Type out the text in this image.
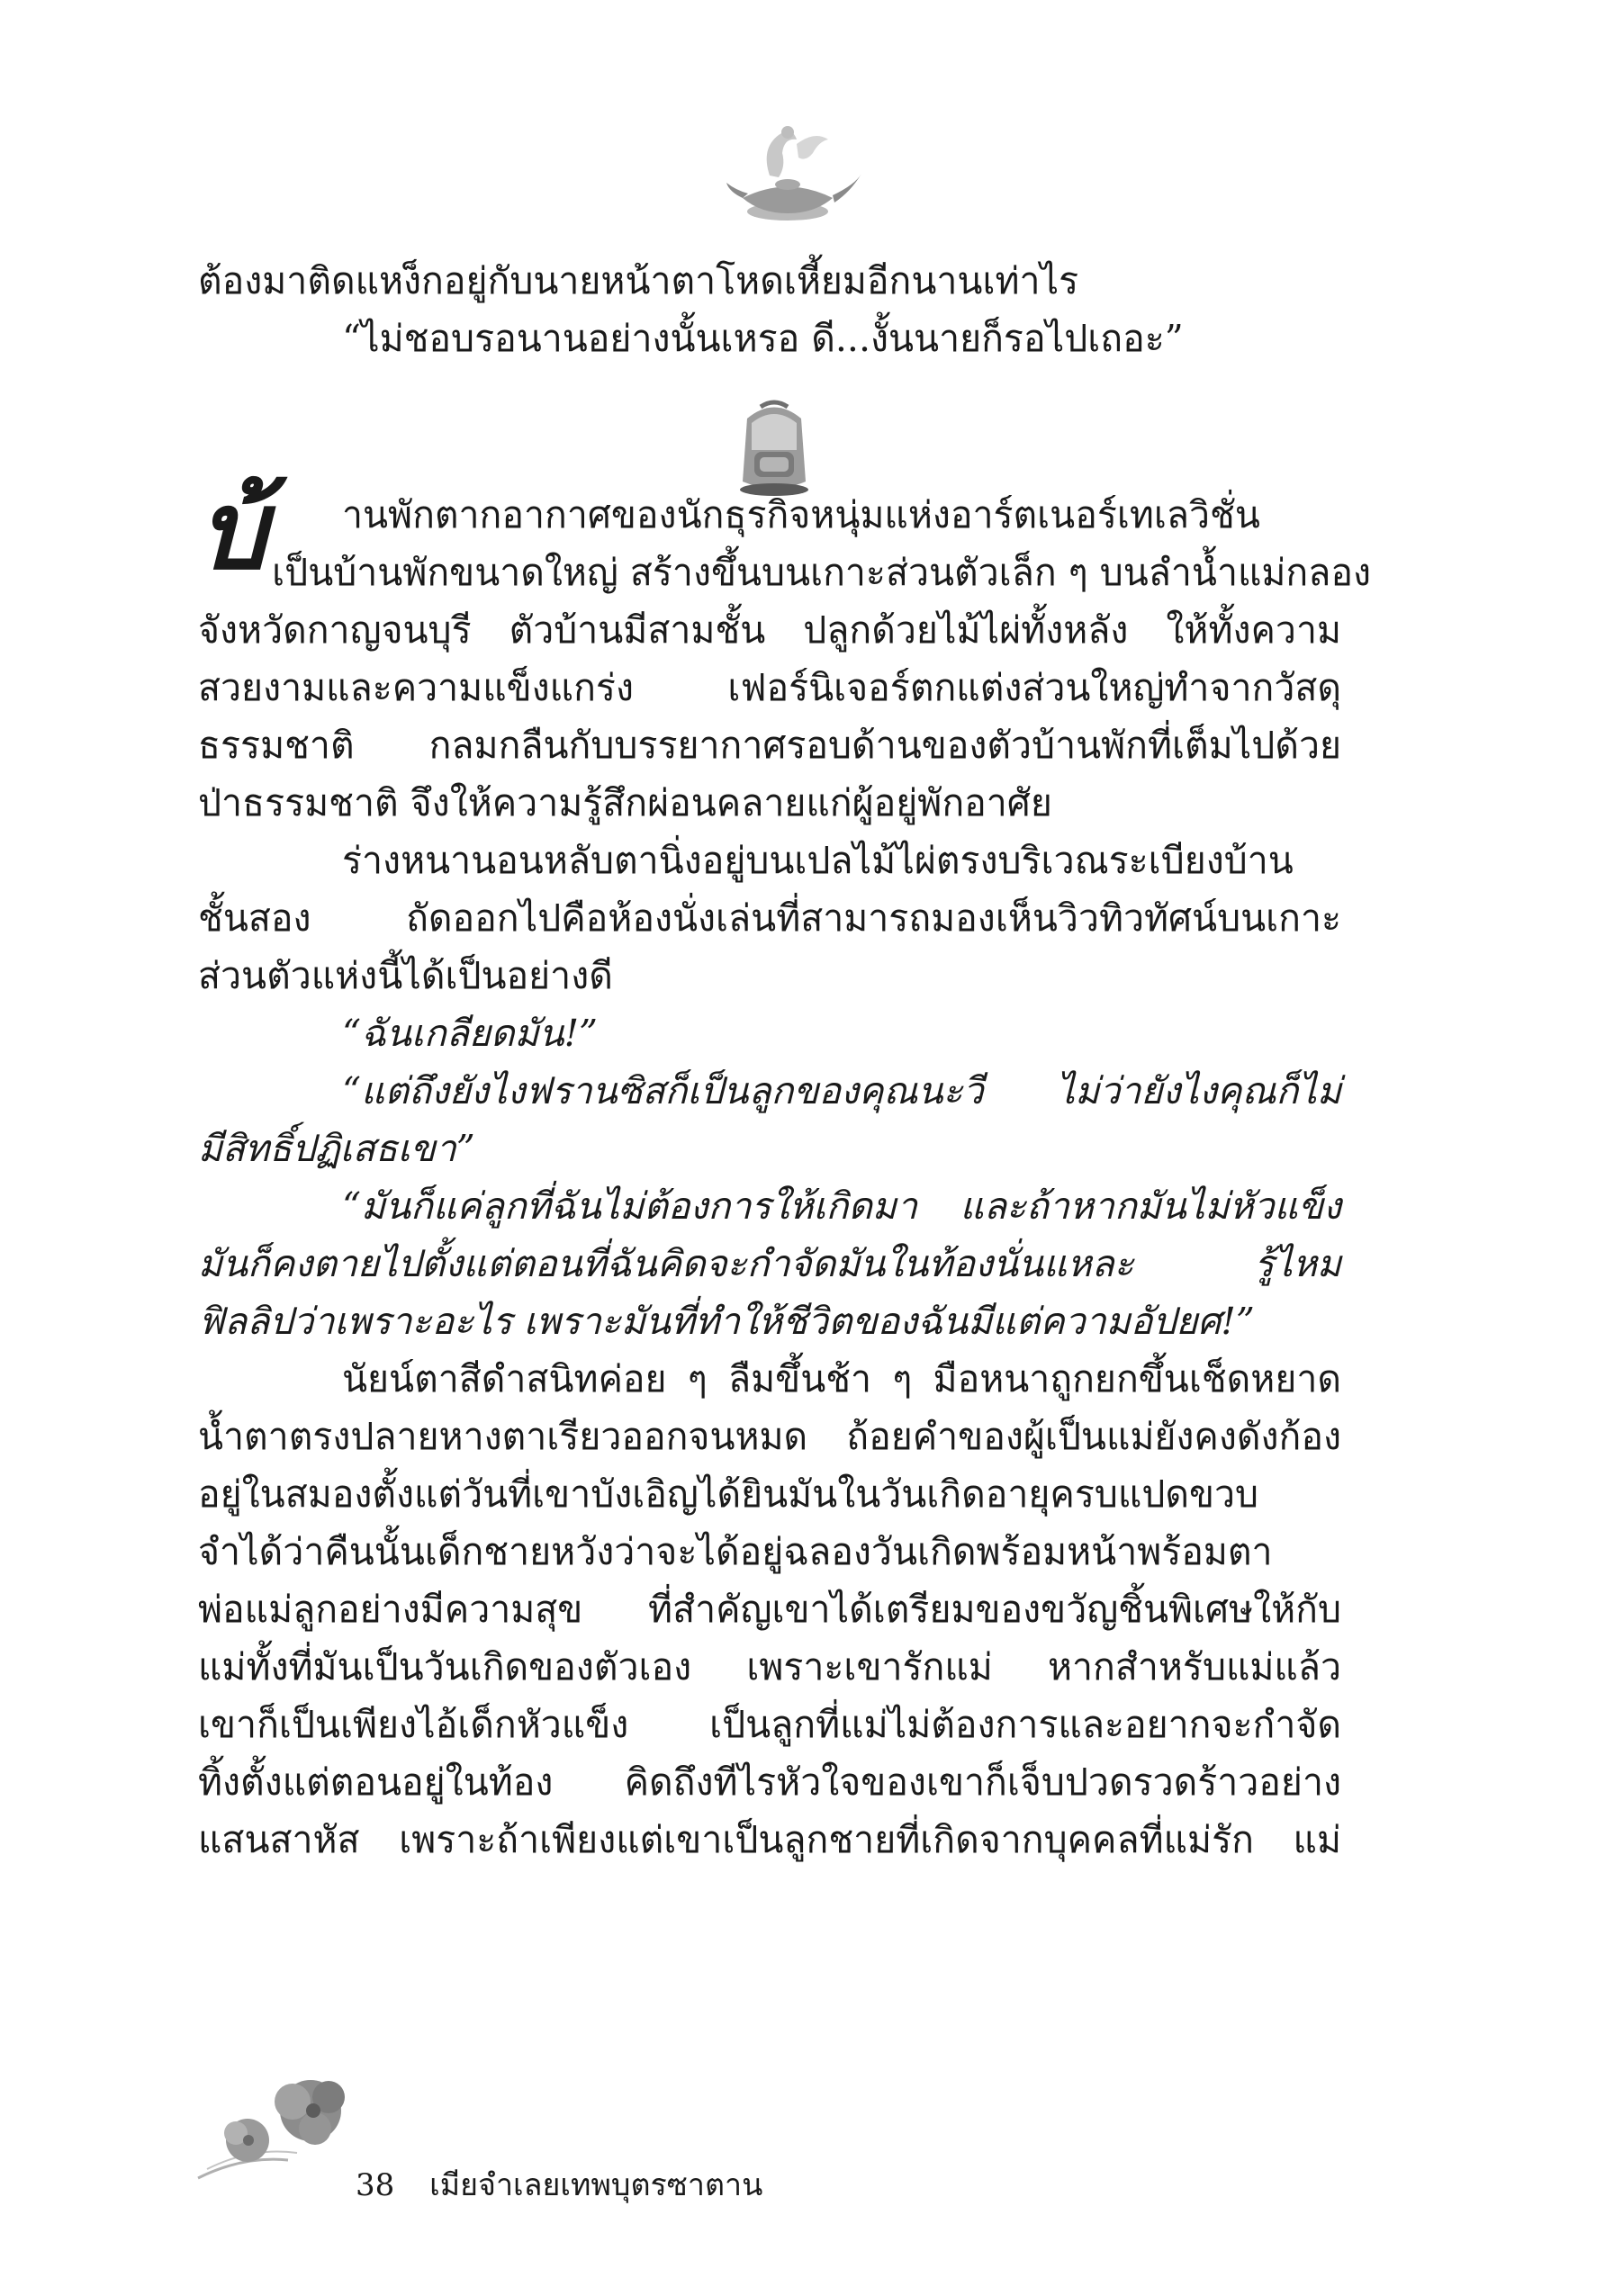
ต้องมาติดแหง็กอยู่กับนายหน้าตาโหดเหี้ยมอีกนานเท่าไร
“ไม่ชอบรอนานอย่างนั้นเหรอ ดี...งั้นนายก็รอไปเถอะ”
บ้	านพักตากอากาศของนักธุรกิจหนุ่มแห่งอาร์ตเนอร์เทเลวิชั่น
เป็นบ้านพักขนาดใหญ่ สร้างขึ้นบนเกาะส่วนตัวเล็ก ๆ บนลำน้ำแม่กลอง
จังหวัดกาญจนบุรี ตัวบ้านมีสามชั้น ปลูกด้วยไม้ไผ่ทั้งหลัง ให้ทั้งความ
สวยงามและความแข็งแกร่ง เฟอร์นิเจอร์ตกแต่งส่วนใหญ่ทำจากวัสดุ
ธรรมชาติ กลมกลืนกับบรรยากาศรอบด้านของตัวบ้านพักที่เต็มไปด้วย
ป่าธรรมชาติ จึงให้ความรู้สึกผ่อนคลายแก่ผู้อยู่พักอาศัย
ร่างหนานอนหลับตานิ่งอยู่บนเปลไม้ไผ่ตรงบริเวณระเบียงบ้าน
ชั้นสอง ถัดออกไปคือห้องนั่งเล่นที่สามารถมองเห็นวิวทิวทัศน์บนเกาะ
ส่วนตัวแห่งนี้ได้เป็นอย่างดี
“ฉันเกลียดมัน!”
“แต่ถึงยังไงฟรานซิสก็เป็นลูกของคุณนะวี ไม่ว่ายังไงคุณก็ไม่
มีสิทธิ์ปฏิเสธเขา”
“มันก็แค่ลูกที่ฉันไม่ต้องการให้เกิดมา และถ้าหากมันไม่หัวแข็ง
มันก็คงตายไปตั้งแต่ตอนที่ฉันคิดจะกำจัดมันในท้องนั่นแหละ รู้ไหม
ฟิลลิปว่าเพราะอะไร เพราะมันที่ทำให้ชีวิตของฉันมีแต่ความอัปยศ!”
นัยน์ตาสีดำสนิทค่อย ๆ ลืมขึ้นช้า ๆ มือหนาถูกยกขึ้นเช็ดหยาด
น้ำตาตรงปลายหางตาเรียวออกจนหมด ถ้อยคำของผู้เป็นแม่ยังคงดังก้อง
อยู่ในสมองตั้งแต่วันที่เขาบังเอิญได้ยินมันในวันเกิดอายุครบแปดขวบ
จำได้ว่าคืนนั้นเด็กชายหวังว่าจะได้อยู่ฉลองวันเกิดพร้อมหน้าพร้อมตา
พ่อแม่ลูกอย่างมีความสุข ที่สำคัญเขาได้เตรียมของขวัญชิ้นพิเศษให้กับ
แม่ทั้งที่มันเป็นวันเกิดของตัวเอง เพราะเขารักแม่ หากสำหรับแม่แล้ว
เขาก็เป็นเพียงไอ้เด็กหัวแข็ง เป็นลูกที่แม่ไม่ต้องการและอยากจะกำจัด
ทิ้งตั้งแต่ตอนอยู่ในท้อง คิดถึงทีไรหัวใจของเขาก็เจ็บปวดรวดร้าวอย่าง
แสนสาหัส เพราะถ้าเพียงแต่เขาเป็นลูกชายที่เกิดจากบุคคลที่แม่รัก แม่
38 เมียจำเลยเทพบุตรซาตาน
